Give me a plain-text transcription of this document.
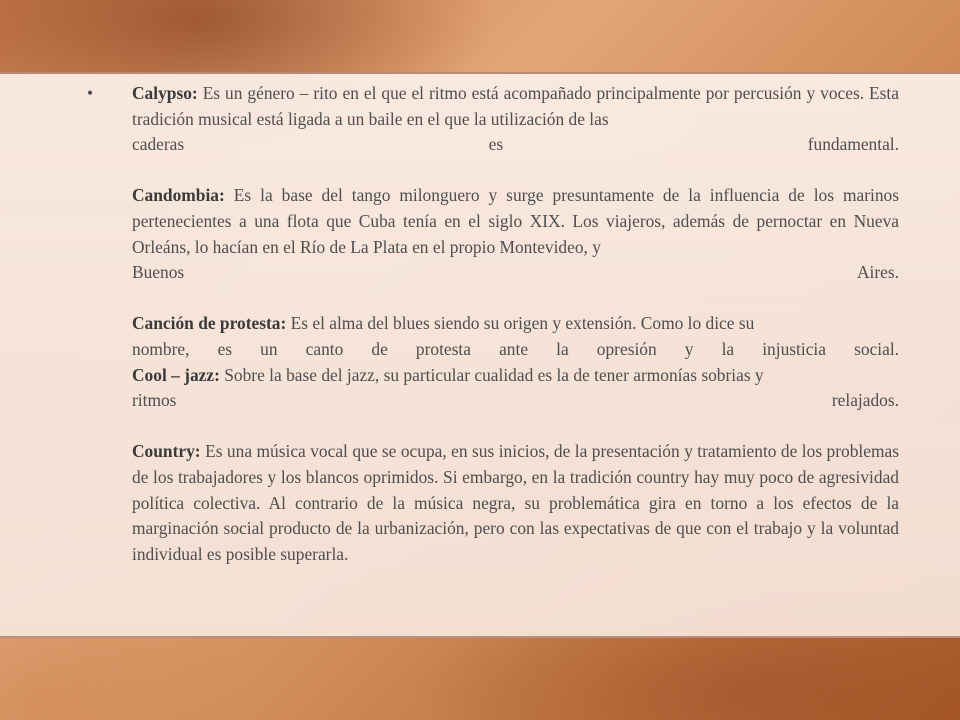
• Calypso: Es un género – rito en el que el ritmo está acompañado principalmente por percusión y voces. Esta tradición musical está ligada a un baile en el que la utilización de las
caderas es fundamental.
Candombia: Es la base del tango milonguero y surge presuntamente de la influencia de los marinos pertenecientes a una flota que Cuba tenía en el siglo XIX. Los viajeros, además de pernoctar en Nueva Orleáns, lo hacían en el Río de La Plata en el propio Montevideo, y
Buenos Aires.
Canción de protesta: Es el alma del blues siendo su origen y extensión. Como lo dice su
nombre, es un canto de protesta ante la opresión y la injusticia social.
Cool – jazz: Sobre la base del jazz, su particular cualidad es la de tener armonías sobrias y
ritmos relajados.
Country: Es una música vocal que se ocupa, en sus inicios, de la presentación y tratamiento de los problemas de los trabajadores y los blancos oprimidos. Si embargo, en la tradición country hay muy poco de agresividad política colectiva. Al contrario de la música negra, su problemática gira en torno a los efectos de la marginación social producto de la urbanización, pero con las expectativas de que con el trabajo y la voluntad individual es posible superarla.
